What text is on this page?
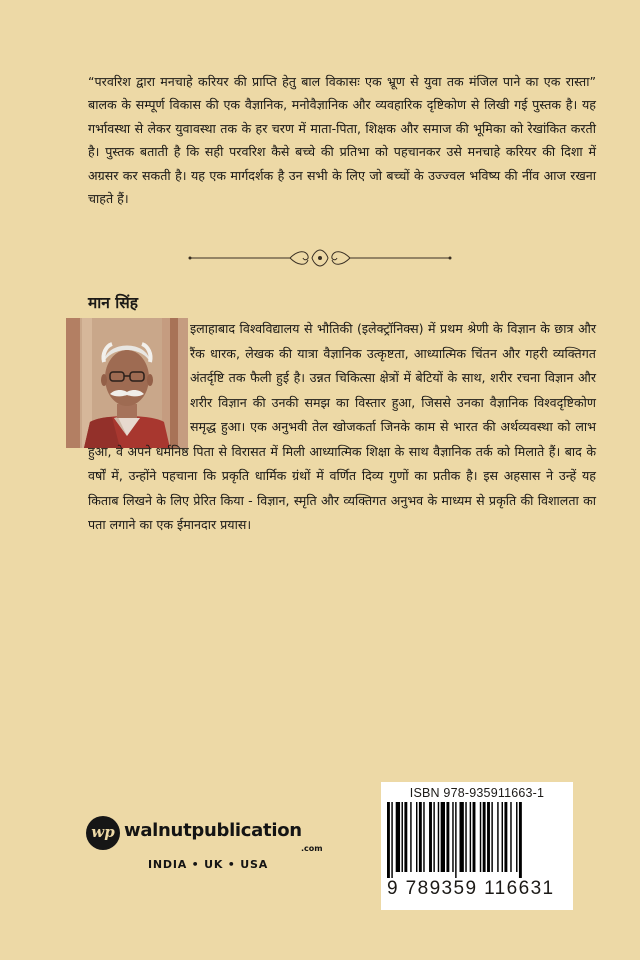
“परवरिश द्वारा मनचाहे करियर की प्राप्ति हेतु बाल विकासः एक भ्रूण से युवा तक मंजिल पाने का एक रास्ता” बालक के सम्पूर्ण विकास की एक वैज्ञानिक, मनोवैज्ञानिक और व्यवहारिक दृष्टिकोण से लिखी गई पुस्तक है। यह गर्भावस्था से लेकर युवावस्था तक के हर चरण में माता-पिता, शिक्षक और समाज की भूमिका को रेखांकित करती है। पुस्तक बताती है कि सही परवरिश कैसे बच्चे की प्रतिभा को पहचानकर उसे मनचाहे करियर की दिशा में अग्रसर कर सकती है। यह एक मार्गदर्शक है उन सभी के लिए जो बच्चों के उज्ज्वल भविष्य की नींव आज रखना चाहते हैं।

मान सिंह

इलाहाबाद विश्वविद्यालय से भौतिकी (इलेक्ट्रॉनिक्स) में प्रथम श्रेणी के विज्ञान के छात्र और रैंक धारक, लेखक की यात्रा वैज्ञानिक उत्कृष्टता, आध्यात्मिक चिंतन और गहरी व्यक्तिगत अंतर्दृष्टि तक फैली हुई है। उन्नत चिकित्सा क्षेत्रों में बेटियों के साथ, शरीर रचना विज्ञान और शरीर विज्ञान की उनकी समझ का विस्तार हुआ, जिससे उनका वैज्ञानिक विश्वदृष्टिकोण समृद्ध हुआ। एक अनुभवी तेल खोजकर्ता जिनके काम से भारत की अर्थव्यवस्था को लाभ हुआ, वे अपने धर्मनिष्ठ पिता से विरासत में मिली आध्यात्मिक शिक्षा के साथ वैज्ञानिक तर्क को मिलाते हैं। बाद के वर्षों में, उन्होंने पहचाना कि प्रकृति धार्मिक ग्रंथों में वर्णित दिव्य गुणों का प्रतीक है। इस अहसास ने उन्हें यह किताब लिखने के लिए प्रेरित किया - विज्ञान, स्मृति और व्यक्तिगत अनुभव के माध्यम से प्रकृति की विशालता का पता लगाने का एक ईमानदार प्रयास।

ISBN 978-935911663-1
9 789359 116631
wp walnutpublication
.com
INDIA • UK • USA
